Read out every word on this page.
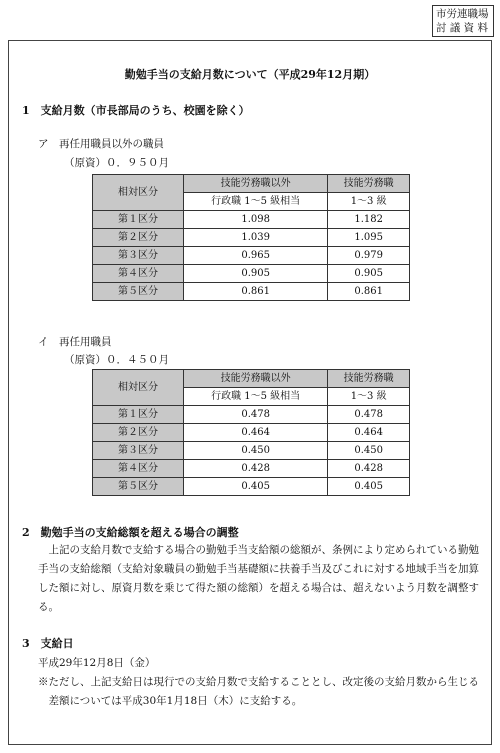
市労連職場
討 議 資 料
勤勉手当の支給月数について（平成29年12月期）
1　支給月数（市長部局のうち、校園を除く）
ア　再任用職員以外の職員
（原資）０．９５０月
相対区分	技能労務職以外	技能労務職
	行政職 1〜5 級相当	1〜3 級
第１区分	1.098	1.182
第２区分	1.039	1.095
第３区分	0.965	0.979
第４区分	0.905	0.905
第５区分	0.861	0.861
イ　再任用職員
（原資）０．４５０月
相対区分	技能労務職以外	技能労務職
	行政職 1〜5 級相当	1〜3 級
第１区分	0.478	0.478
第２区分	0.464	0.464
第３区分	0.450	0.450
第４区分	0.428	0.428
第５区分	0.405	0.405
2　勤勉手当の支給総額を超える場合の調整
上記の支給月数で支給する場合の勤勉手当支給額の総額が、条例により定められている勤勉手当の支給総額（支給対象職員の勤勉手当基礎額に扶養手当及びこれに対する地域手当を加算した額に対し、原資月数を乗じて得た額の総額）を超える場合は、超えないよう月数を調整する。
3　支給日
平成29年12月8日（金）
※ただし、上記支給日は現行での支給月数で支給することとし、改定後の支給月数から生じる差額については平成30年1月18日（木）に支給する。
